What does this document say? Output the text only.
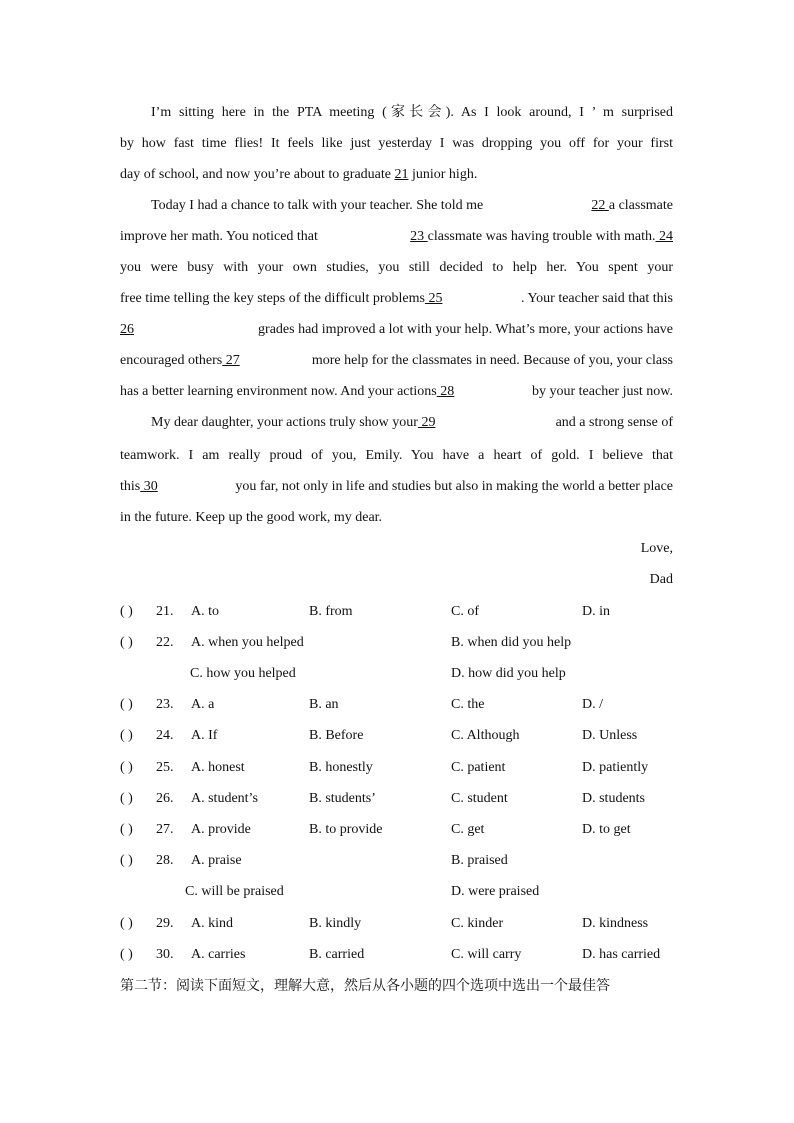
I’m sitting here in the PTA meeting (家长会). As I look around, I ’ m surprised
by how fast time flies! It feels like just yesterday I was dropping you off for your first
day of school, and now you’re about to graduate 21 junior high.
Today I had a chance to talk with your teacher. She told me	22 a classmate
improve her math. You noticed that	23 classmate was having trouble with math. 24
you were busy with your own studies, you still decided to help her. You spent your
free time telling the key steps of the difficult problems 25	. Your teacher said that this
26	grades had improved a lot with your help. What’s more, your actions have
encouraged others 27	more help for the classmates in need. Because of you, your class
has a better learning environment now. And your actions 28	by your teacher just now.
My dear daughter, your actions truly show your 29	and a strong sense of
teamwork. I am really proud of you, Emily. You have a heart of gold. I believe that
this 30	you far, not only in life and studies but also in making the world a better place
in the future. Keep up the good work, my dear.
Love,
Dad
( ) 21. A. to	B. from	C. of	D. in
( ) 22. A. when you helped	B. when did you help
C. how you helped	D. how did you help
( ) 23. A. a	B. an	C. the	D. /
( ) 24. A. If	B. Before	C. Although	D. Unless
( ) 25. A. honest	B. honestly	C. patient	D. patiently
( ) 26. A. student’s	B. students’	C. student	D. students
( ) 27. A. provide	B. to provide	C. get	D. to get
( ) 28. A. praise	B. praised
C. will be praised	D. were praised
( ) 29. A. kind	B. kindly	C. kinder	D. kindness
( ) 30. A. carries	B. carried	C. will carry	D. has carried
第二节：阅读下面短文，理解大意，然后从各小题的四个选项中选出一个最佳答
